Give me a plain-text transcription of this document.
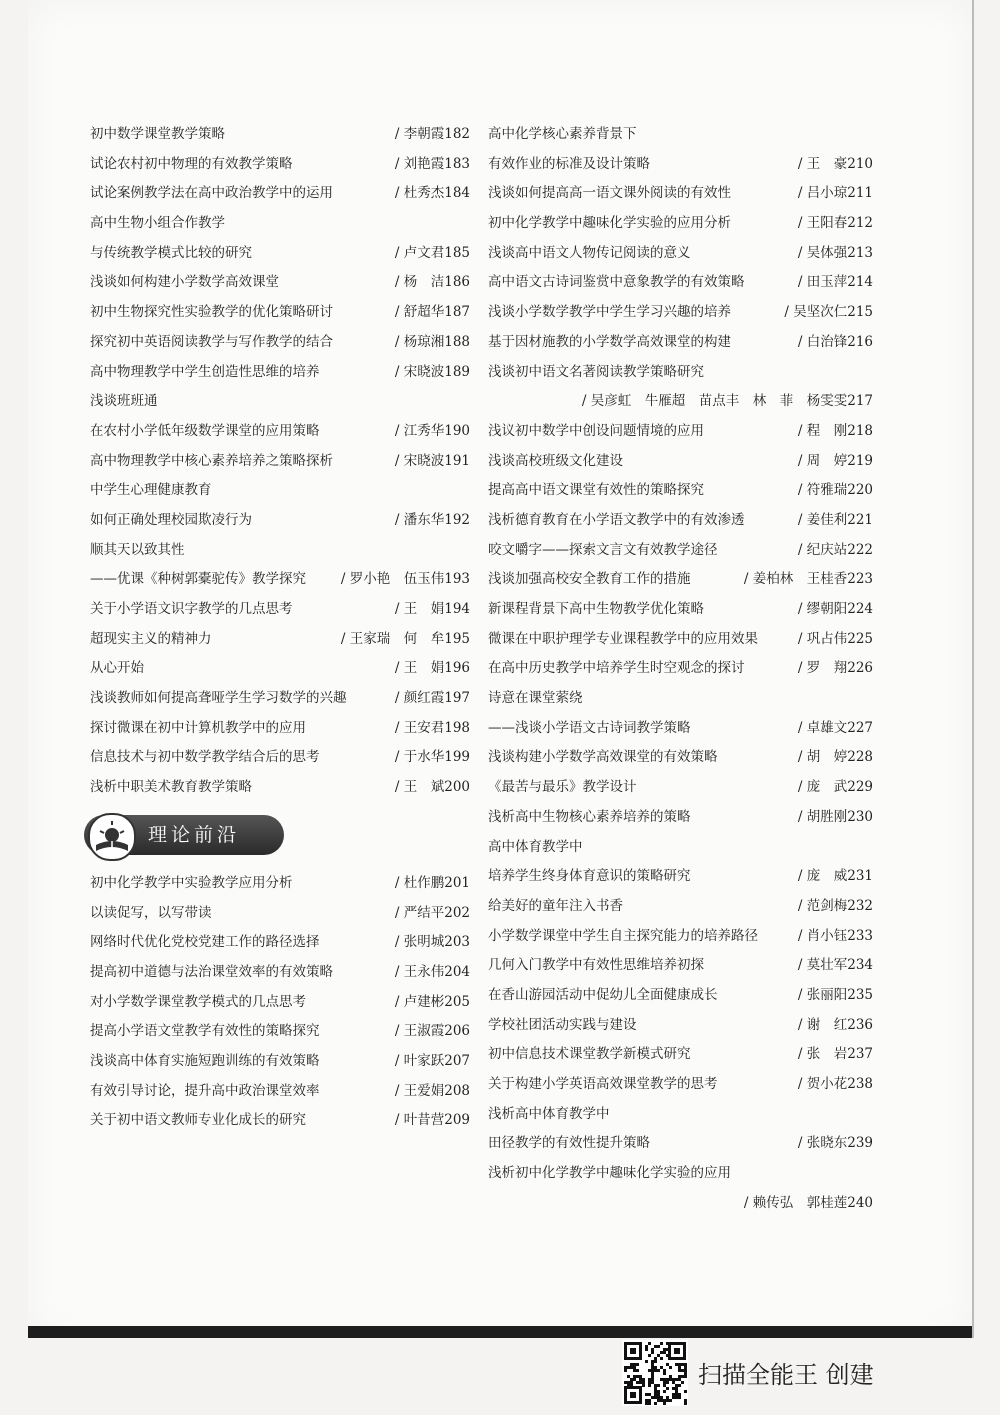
初中数学课堂教学策略	/ 李朝霞182
试论农村初中物理的有效教学策略	/ 刘艳霞183
试论案例教学法在高中政治教学中的运用	/ 杜秀杰184
高中生物小组合作教学
与传统教学模式比较的研究	/ 卢文君185
浅谈如何构建小学数学高效课堂	/ 杨　洁186
初中生物探究性实验教学的优化策略研讨	/ 舒超华187
探究初中英语阅读教学与写作教学的结合	/ 杨琼湘188
高中物理教学中学生创造性思维的培养	/ 宋晓波189
浅谈班班通
在农村小学低年级数学课堂的应用策略	/ 江秀华190
高中物理教学中核心素养培养之策略探析	/ 宋晓波191
中学生心理健康教育
如何正确处理校园欺凌行为	/ 潘东华192
顺其天以致其性
——优课《种树郭橐驼传》教学探究	/ 罗小艳　伍玉伟193
关于小学语文识字教学的几点思考	/ 王　娟194
超现实主义的精神力	/ 王家瑞　何　牟195
从心开始	/ 王　娟196
浅谈教师如何提高聋哑学生学习数学的兴趣	/ 颜红霞197
探讨微课在初中计算机教学中的应用	/ 王安君198
信息技术与初中数学教学结合后的思考	/ 于水华199
浅析中职美术教育教学策略	/ 王　斌200
理论前沿
初中化学教学中实验教学应用分析	/ 杜作鹏201
以读促写，以写带读	/ 严结平202
网络时代优化党校党建工作的路径选择	/ 张明城203
提高初中道德与法治课堂效率的有效策略	/ 王永伟204
对小学数学课堂教学模式的几点思考	/ 卢建彬205
提高小学语文堂教学有效性的策略探究	/ 王淑霞206
浅谈高中体育实施短跑训练的有效策略	/ 叶家跃207
有效引导讨论，提升高中政治课堂效率	/ 王爱娟208
关于初中语文教师专业化成长的研究	/ 叶昔营209
高中化学核心素养背景下
有效作业的标准及设计策略	/ 王　豪210
浅谈如何提高高一语文课外阅读的有效性	/ 吕小琼211
初中化学教学中趣味化学实验的应用分析	/ 王阳春212
浅谈高中语文人物传记阅读的意义	/ 吴体强213
高中语文古诗词鉴赏中意象教学的有效策略	/ 田玉萍214
浅谈小学数学教学中学生学习兴趣的培养	/ 吴坚次仁215
基于因材施教的小学数学高效课堂的构建	/ 白治锋216
浅谈初中语文名著阅读教学策略研究
/ 吴彦虹　牛雁超　苗点丰　林　菲　杨雯雯217
浅议初中数学中创设问题情境的应用	/ 程　刚218
浅谈高校班级文化建设	/ 周　婷219
提高高中语文课堂有效性的策略探究	/ 符雅瑞220
浅析德育教育在小学语文教学中的有效渗透	/ 姜佳利221
咬文嚼字——探索文言文有效教学途径	/ 纪庆站222
浅谈加强高校安全教育工作的措施	/ 姜柏林　王桂香223
新课程背景下高中生物教学优化策略	/ 缪朝阳224
微课在中职护理学专业课程教学中的应用效果	/ 巩占伟225
在高中历史教学中培养学生时空观念的探讨	/ 罗　翔226
诗意在课堂萦绕
——浅谈小学语文古诗词教学策略	/ 卓雄文227
浅谈构建小学数学高效课堂的有效策略	/ 胡　婷228
《最苦与最乐》教学设计	/ 庞　武229
浅析高中生物核心素养培养的策略	/ 胡胜刚230
高中体育教学中
培养学生终身体育意识的策略研究	/ 庞　威231
给美好的童年注入书香	/ 范剑梅232
小学数学课堂中学生自主探究能力的培养路径	/ 肖小钰233
几何入门教学中有效性思维培养初探	/ 莫壮军234
在香山游园活动中促幼儿全面健康成长	/ 张丽阳235
学校社团活动实践与建设	/ 谢　红236
初中信息技术课堂教学新模式研究	/ 张　岩237
关于构建小学英语高效课堂教学的思考	/ 贺小花238
浅析高中体育教学中
田径教学的有效性提升策略	/ 张晓东239
浅析初中化学教学中趣味化学实验的应用
/ 赖传弘　郭桂莲240
扫描全能王 创建
